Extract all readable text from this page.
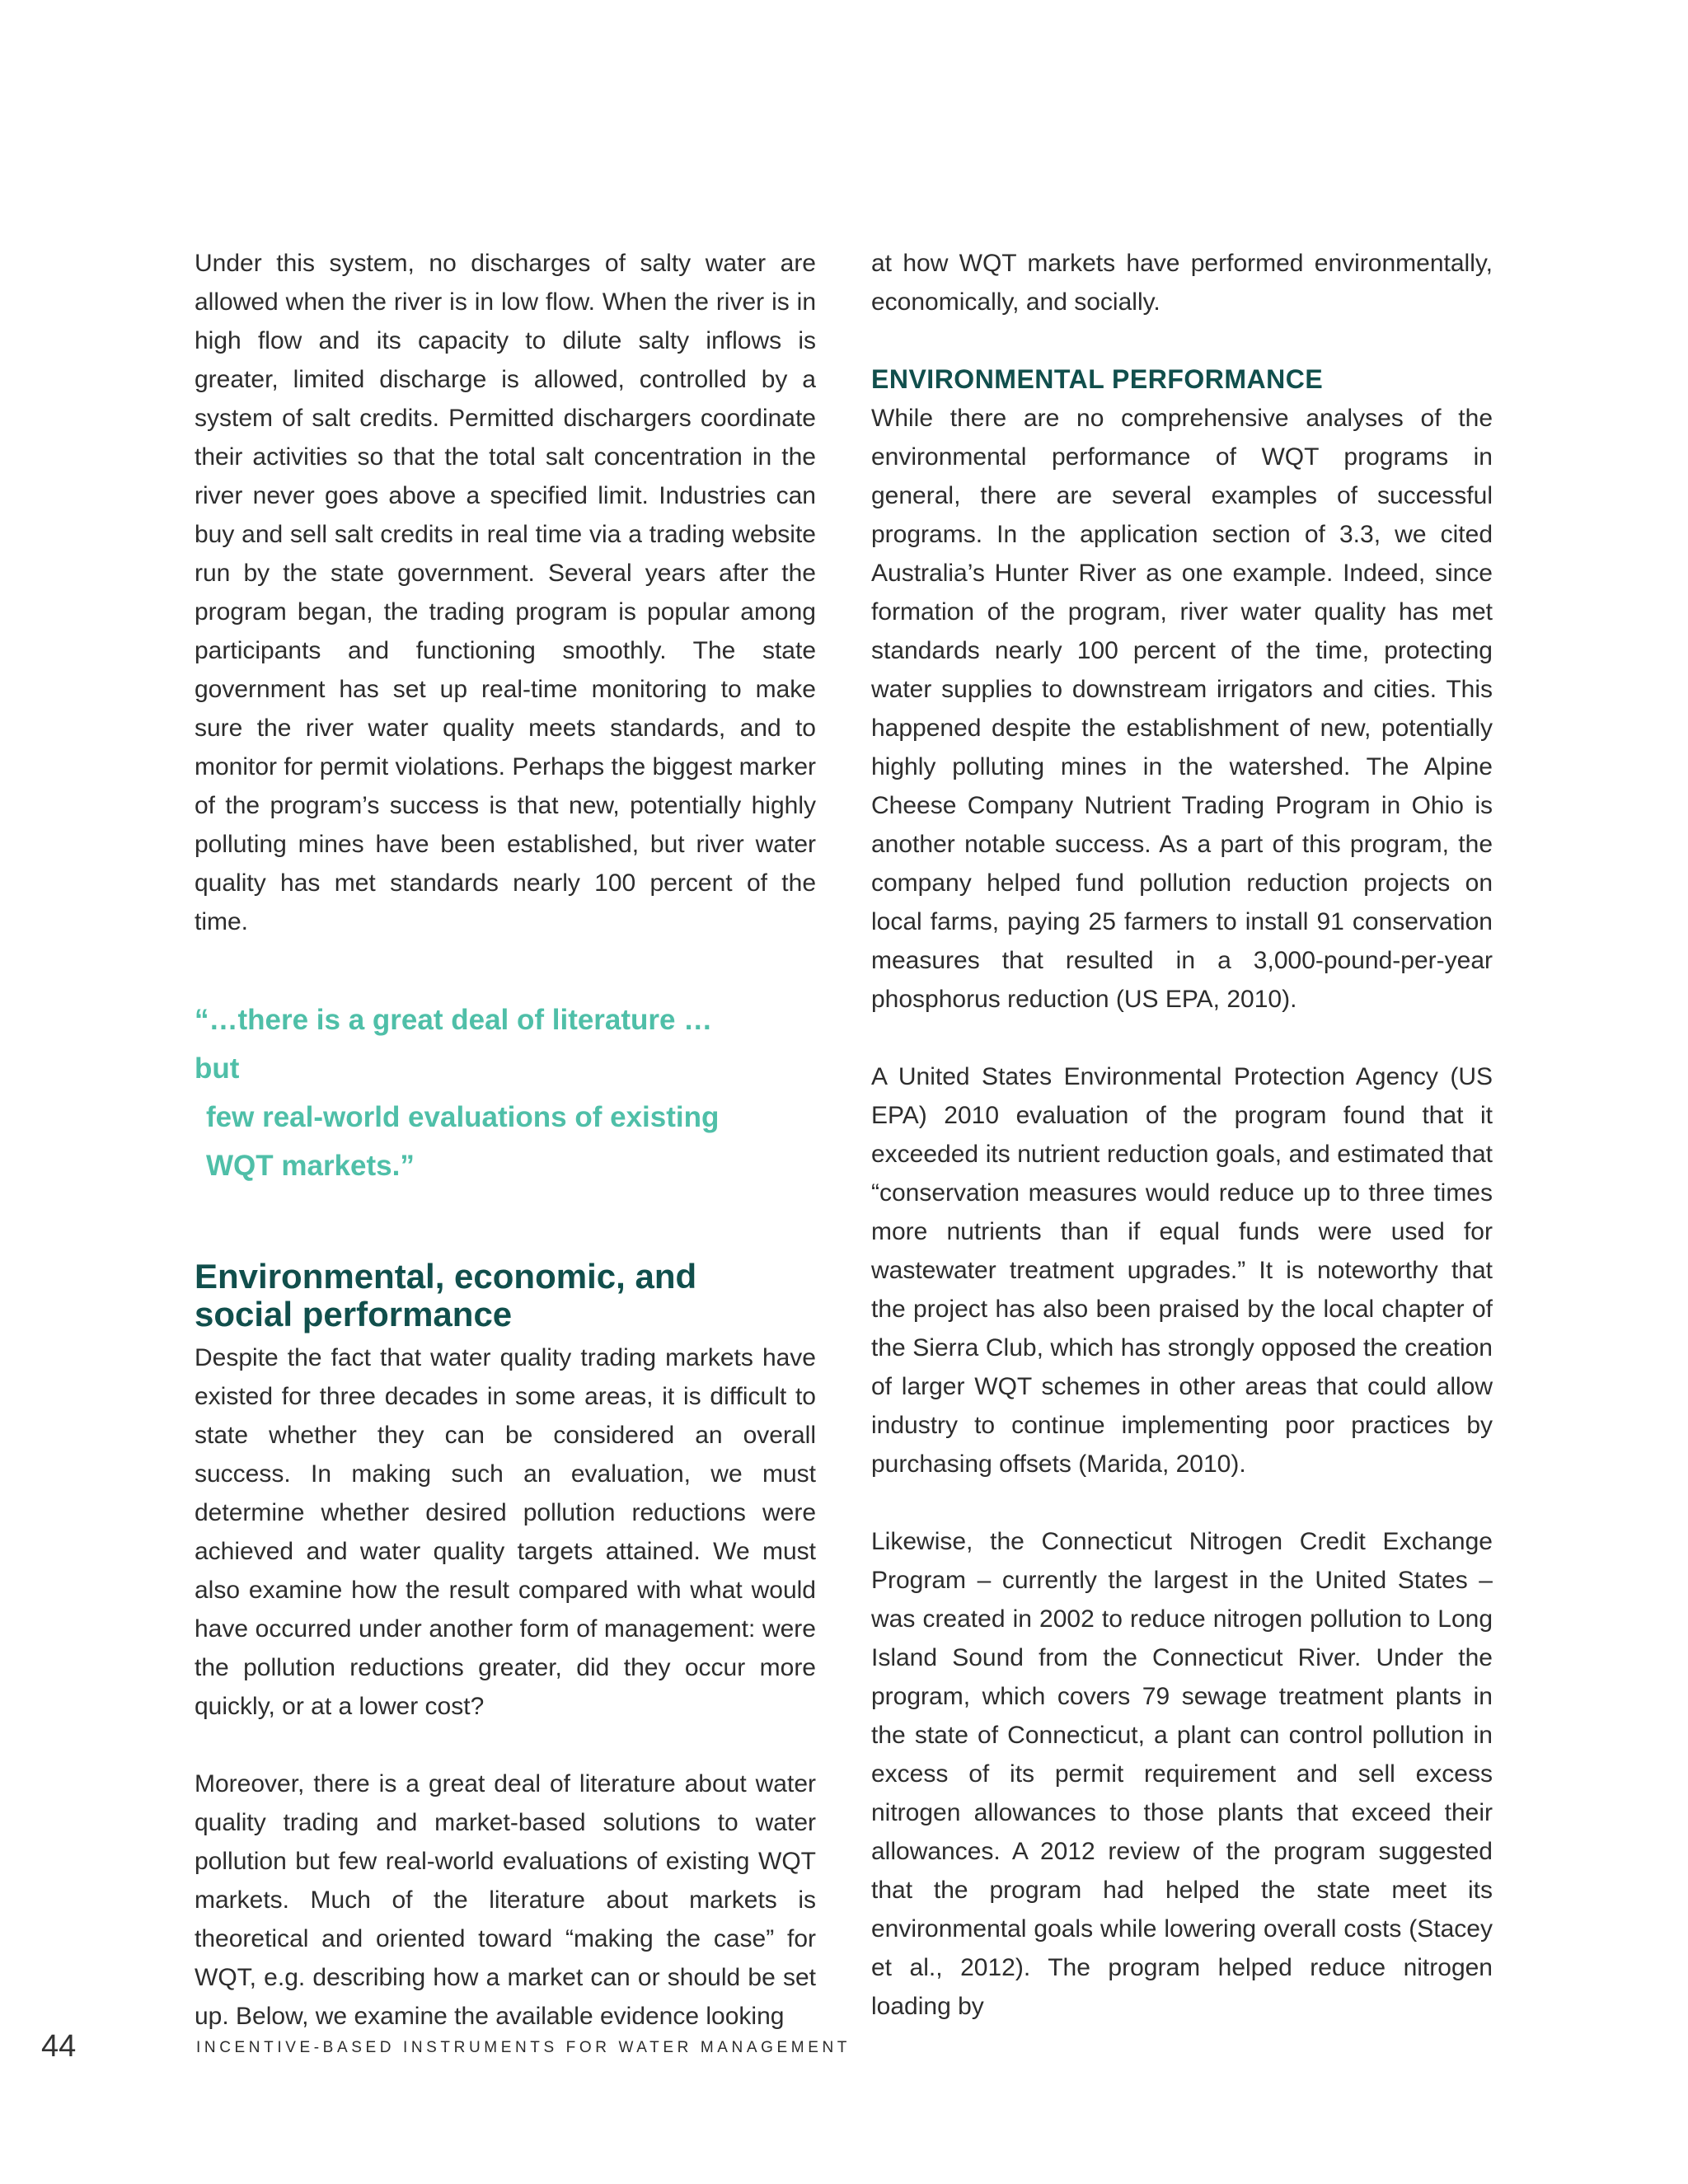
Under this system, no discharges of salty water are allowed when the river is in low flow. When the river is in high flow and its capacity to dilute salty inflows is greater, limited discharge is allowed, controlled by a system of salt credits. Permitted dischargers coordinate their activities so that the total salt concentration in the river never goes above a specified limit. Industries can buy and sell salt credits in real time via a trading website run by the state government. Several years after the program began, the trading program is popular among participants and functioning smoothly. The state government has set up real-time monitoring to make sure the river water quality meets standards, and to monitor for permit violations. Perhaps the biggest marker of the program’s success is that new, potentially highly polluting mines have been established, but river water quality has met standards nearly 100 percent of the time.

“…there is a great deal of literature … but
few real-world evaluations of existing
WQT markets.”
Environmental, economic, and
social performance

Despite the fact that water quality trading markets have existed for three decades in some areas, it is difficult to state whether they can be considered an overall success. In making such an evaluation, we must determine whether desired pollution reductions were achieved and water quality targets attained. We must also examine how the result compared with what would have occurred under another form of management: were the pollution reductions greater, did they occur more quickly, or at a lower cost?

Moreover, there is a great deal of literature about water quality trading and market-based solutions to water pollution but few real-world evaluations of existing WQT markets. Much of the literature about markets is theoretical and oriented toward “making the case” for WQT, e.g. describing how a market can or should be set up. Below, we examine the available evidence looking

at how WQT markets have performed environmentally, economically, and socially.

ENVIRONMENTAL PERFORMANCE

While there are no comprehensive analyses of the environmental performance of WQT programs in general, there are several examples of successful programs. In the application section of 3.3, we cited Australia’s Hunter River as one example. Indeed, since formation of the program, river water quality has met standards nearly 100 percent of the time, protecting water supplies to downstream irrigators and cities. This happened despite the establishment of new, potentially highly polluting mines in the watershed. The Alpine Cheese Company Nutrient Trading Program in Ohio is another notable success. As a part of this program, the company helped fund pollution reduction projects on local farms, paying 25 farmers to install 91 conservation measures that resulted in a 3,000-pound-per-year phosphorus reduction (US EPA, 2010).

A United States Environmental Protection Agency (US EPA) 2010 evaluation of the program found that it exceeded its nutrient reduction goals, and estimated that “conservation measures would reduce up to three times more nutrients than if equal funds were used for wastewater treatment upgrades.” It is noteworthy that the project has also been praised by the local chapter of the Sierra Club, which has strongly opposed the creation of larger WQT schemes in other areas that could allow industry to continue implementing poor practices by purchasing offsets (Marida, 2010).

Likewise, the Connecticut Nitrogen Credit Exchange Program – currently the largest in the United States – was created in 2002 to reduce nitrogen pollution to Long Island Sound from the Connecticut River. Under the program, which covers 79 sewage treatment plants in the state of Connecticut, a plant can control pollution in excess of its permit requirement and sell excess nitrogen allowances to those plants that exceed their allowances. A 2012 review of the program suggested that the program had helped the state meet its environmental goals while lowering overall costs (Stacey et al., 2012). The program helped reduce nitrogen loading by

44	INCENTIVE-BASED INSTRUMENTS FOR WATER MANAGEMENT
